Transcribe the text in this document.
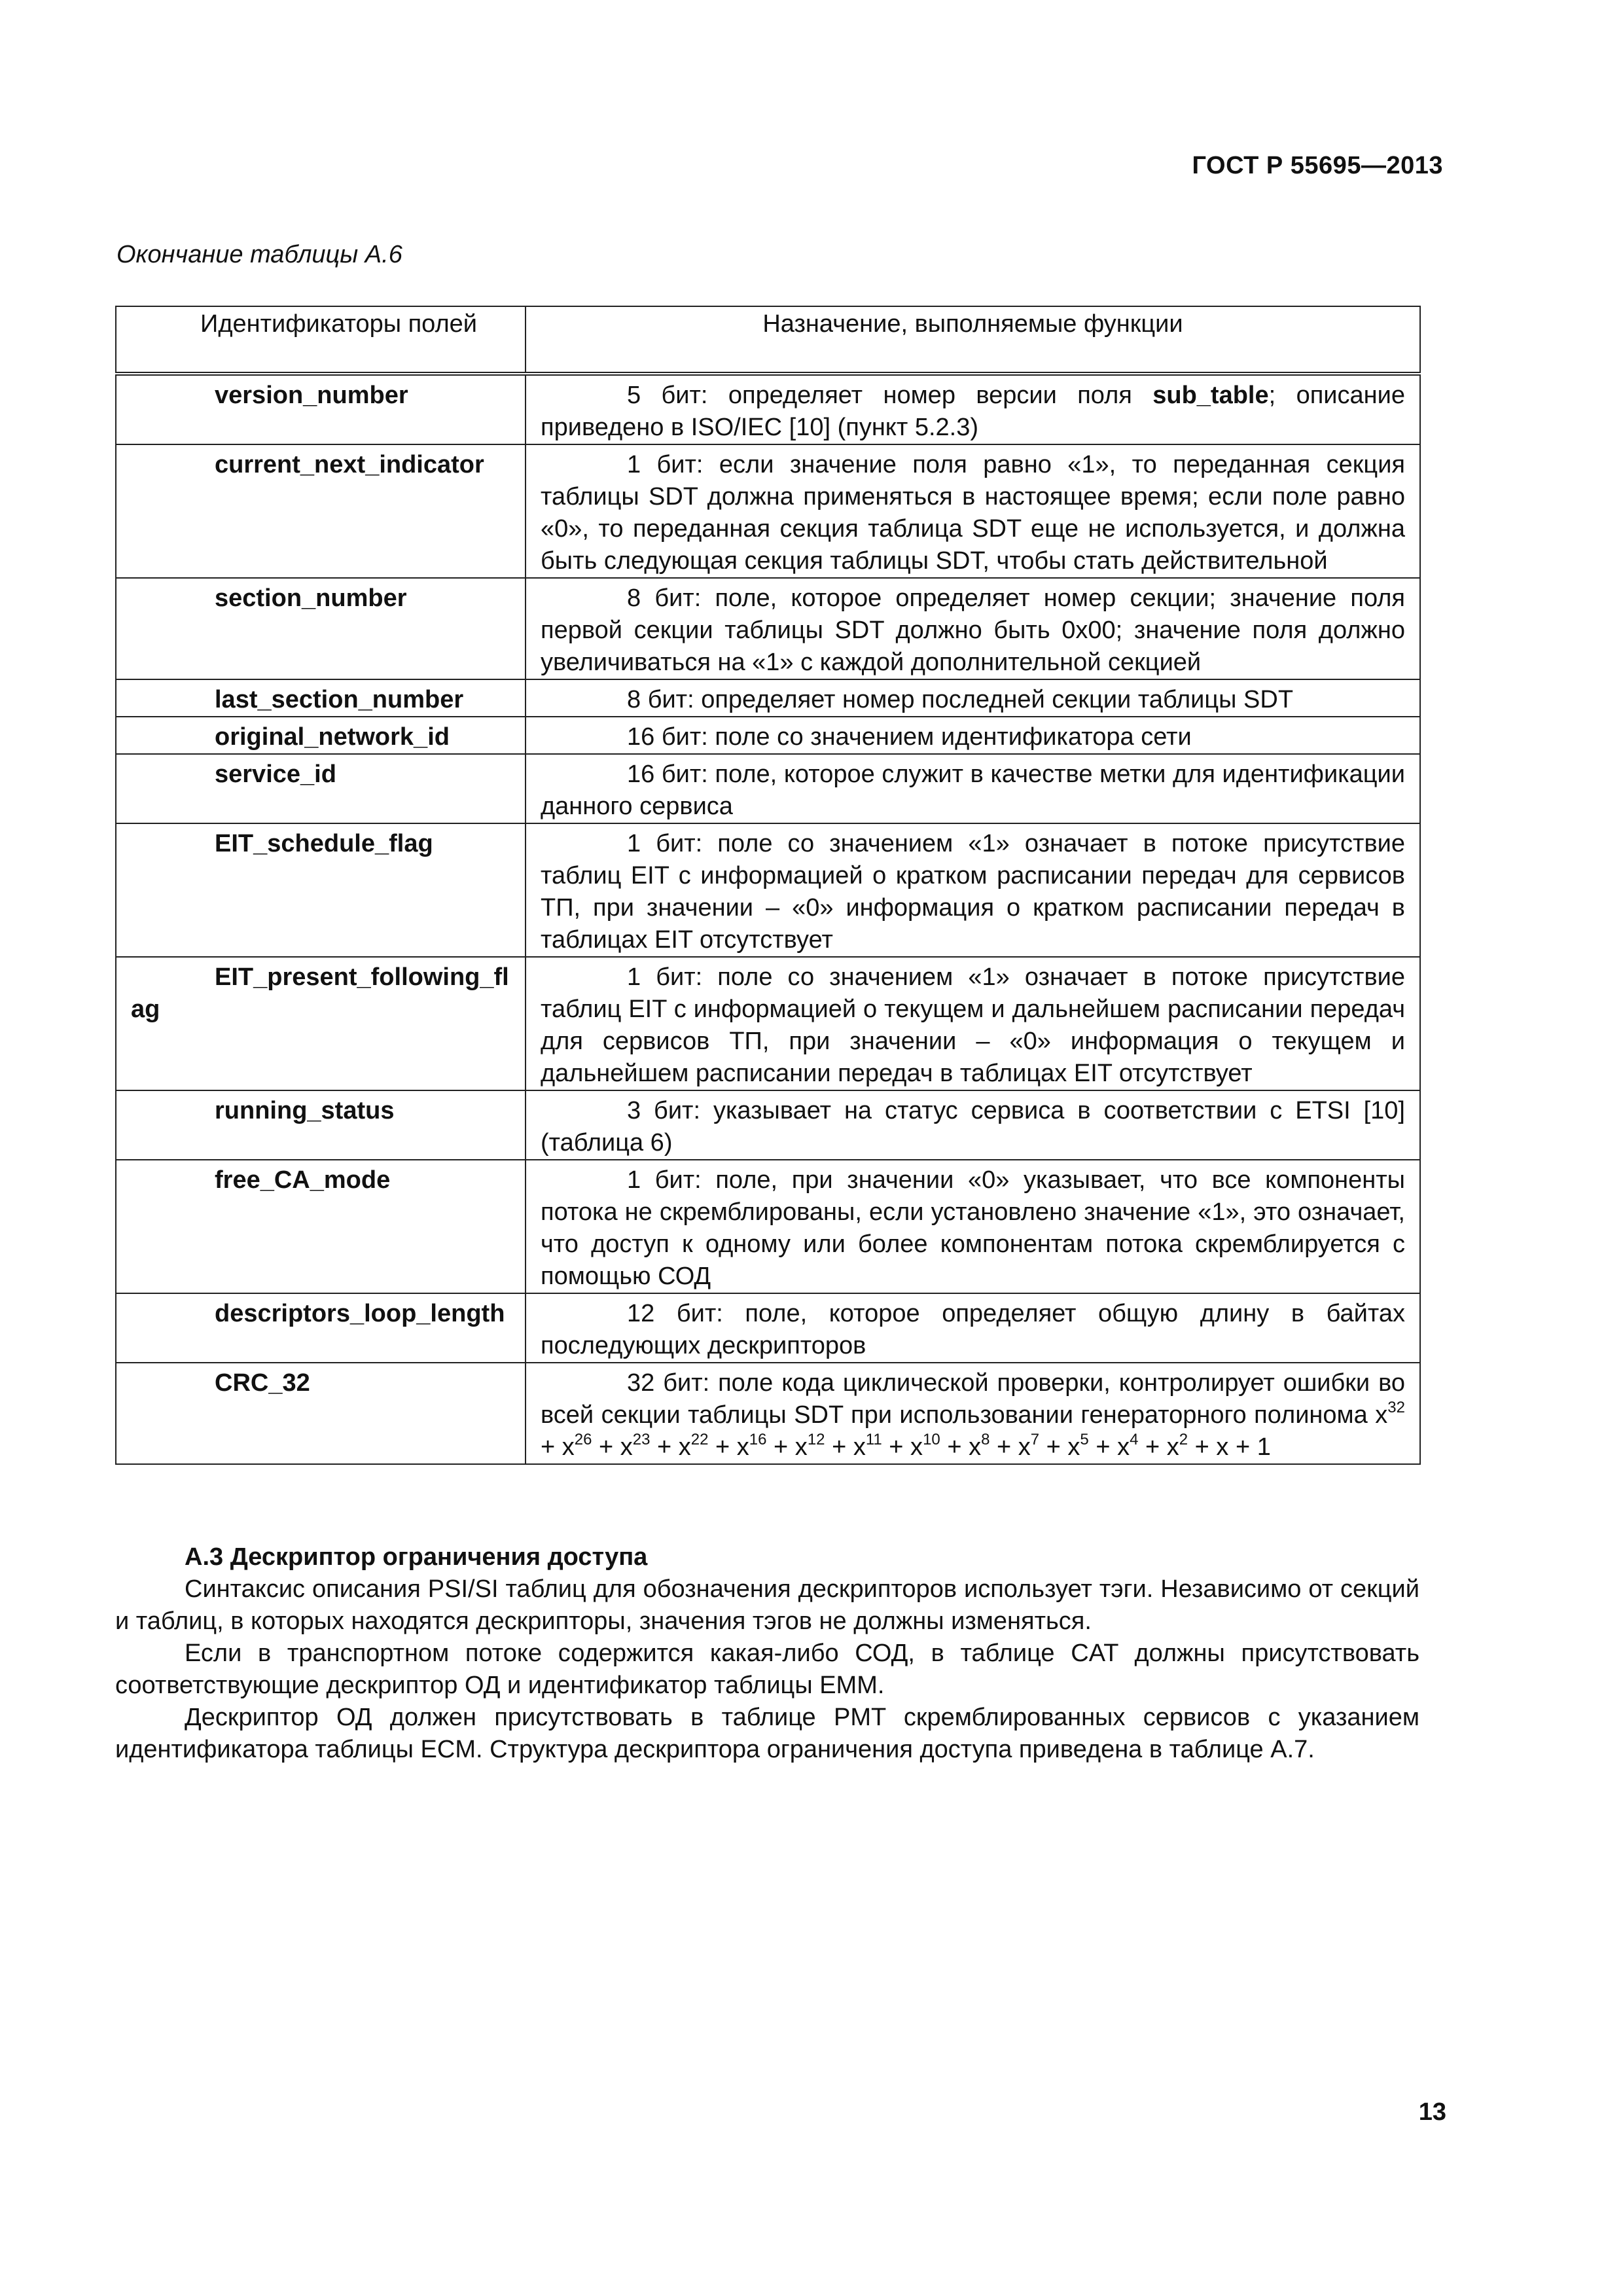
ГОСТ Р 55695—2013
Окончание таблицы А.6
Идентификаторы полей	Назначение, выполняемые функции
version_number	5 бит: определяет номер версии поля sub_table; описание приведено в ISO/IEC [10] (пункт 5.2.3)
current_next_indicator	1 бит: если значение поля равно «1», то переданная секция таблицы SDT должна применяться в настоящее время; если поле равно «0», то переданная секция таблица SDT еще не используется, и должна быть следующая секция таблицы SDT, чтобы стать действительной
section_number	8 бит: поле, которое определяет номер секции; значение поля первой секции таблицы SDT должно быть 0x00; значение поля должно увеличиваться на «1» с каждой дополнительной секцией
last_section_number	8 бит: определяет номер последней секции таблицы SDT
original_network_id	16 бит: поле со значением идентификатора сети
service_id	16 бит: поле, которое служит в качестве метки для идентификации данного сервиса
EIT_schedule_flag	1 бит: поле со значением «1» означает в потоке присутствие таблиц EIT с информацией о кратком расписании передач для сервисов ТП, при значении – «0» информация о кратком расписании передач в таблицах EIT отсутствует
EIT_present_following_flag	1 бит: поле со значением «1» означает в потоке присутствие таблиц EIT с информацией о текущем и дальнейшем расписании передач для сервисов ТП, при значении – «0» информация о текущем и дальнейшем расписании передач в таблицах EIT отсутствует
running_status	3 бит: указывает на статус сервиса в соответствии с ETSI [10] (таблица 6)
free_CA_mode	1 бит: поле, при значении «0» указывает, что все компоненты потока не скремблированы, если установлено значение «1», это означает, что доступ к одному или более компонентам потока скремблируется с помощью СОД
descriptors_loop_length	12 бит: поле, которое определяет общую длину в байтах последующих дескрипторов
CRC_32	32 бит: поле кода циклической проверки, контролирует ошибки во всей секции таблицы SDT при использовании генераторного полинома $x^{32} + x^{26} + x^{23} + x^{22} + x^{16} + x^{12} + x^{11} + x^{10} + x^8 + x^7 + x^5 + x^4 + x^2 + x + 1$
А.3 Дескриптор ограничения доступа

Синтаксис описания PSI/SI таблиц для обозначения дескрипторов использует тэги. Независимо от секций и таблиц, в которых находятся дескрипторы, значения тэгов не должны изменяться.

Если в транспортном потоке содержится какая-либо СОД, в таблице CAT должны присутствовать соответствующие дескриптор ОД и идентификатор таблицы EMM.

Дескриптор ОД должен присутствовать в таблице PMT скремблированных сервисов с указанием идентификатора таблицы ECM. Структура дескриптора ограничения доступа приведена в таблице А.7.

13
